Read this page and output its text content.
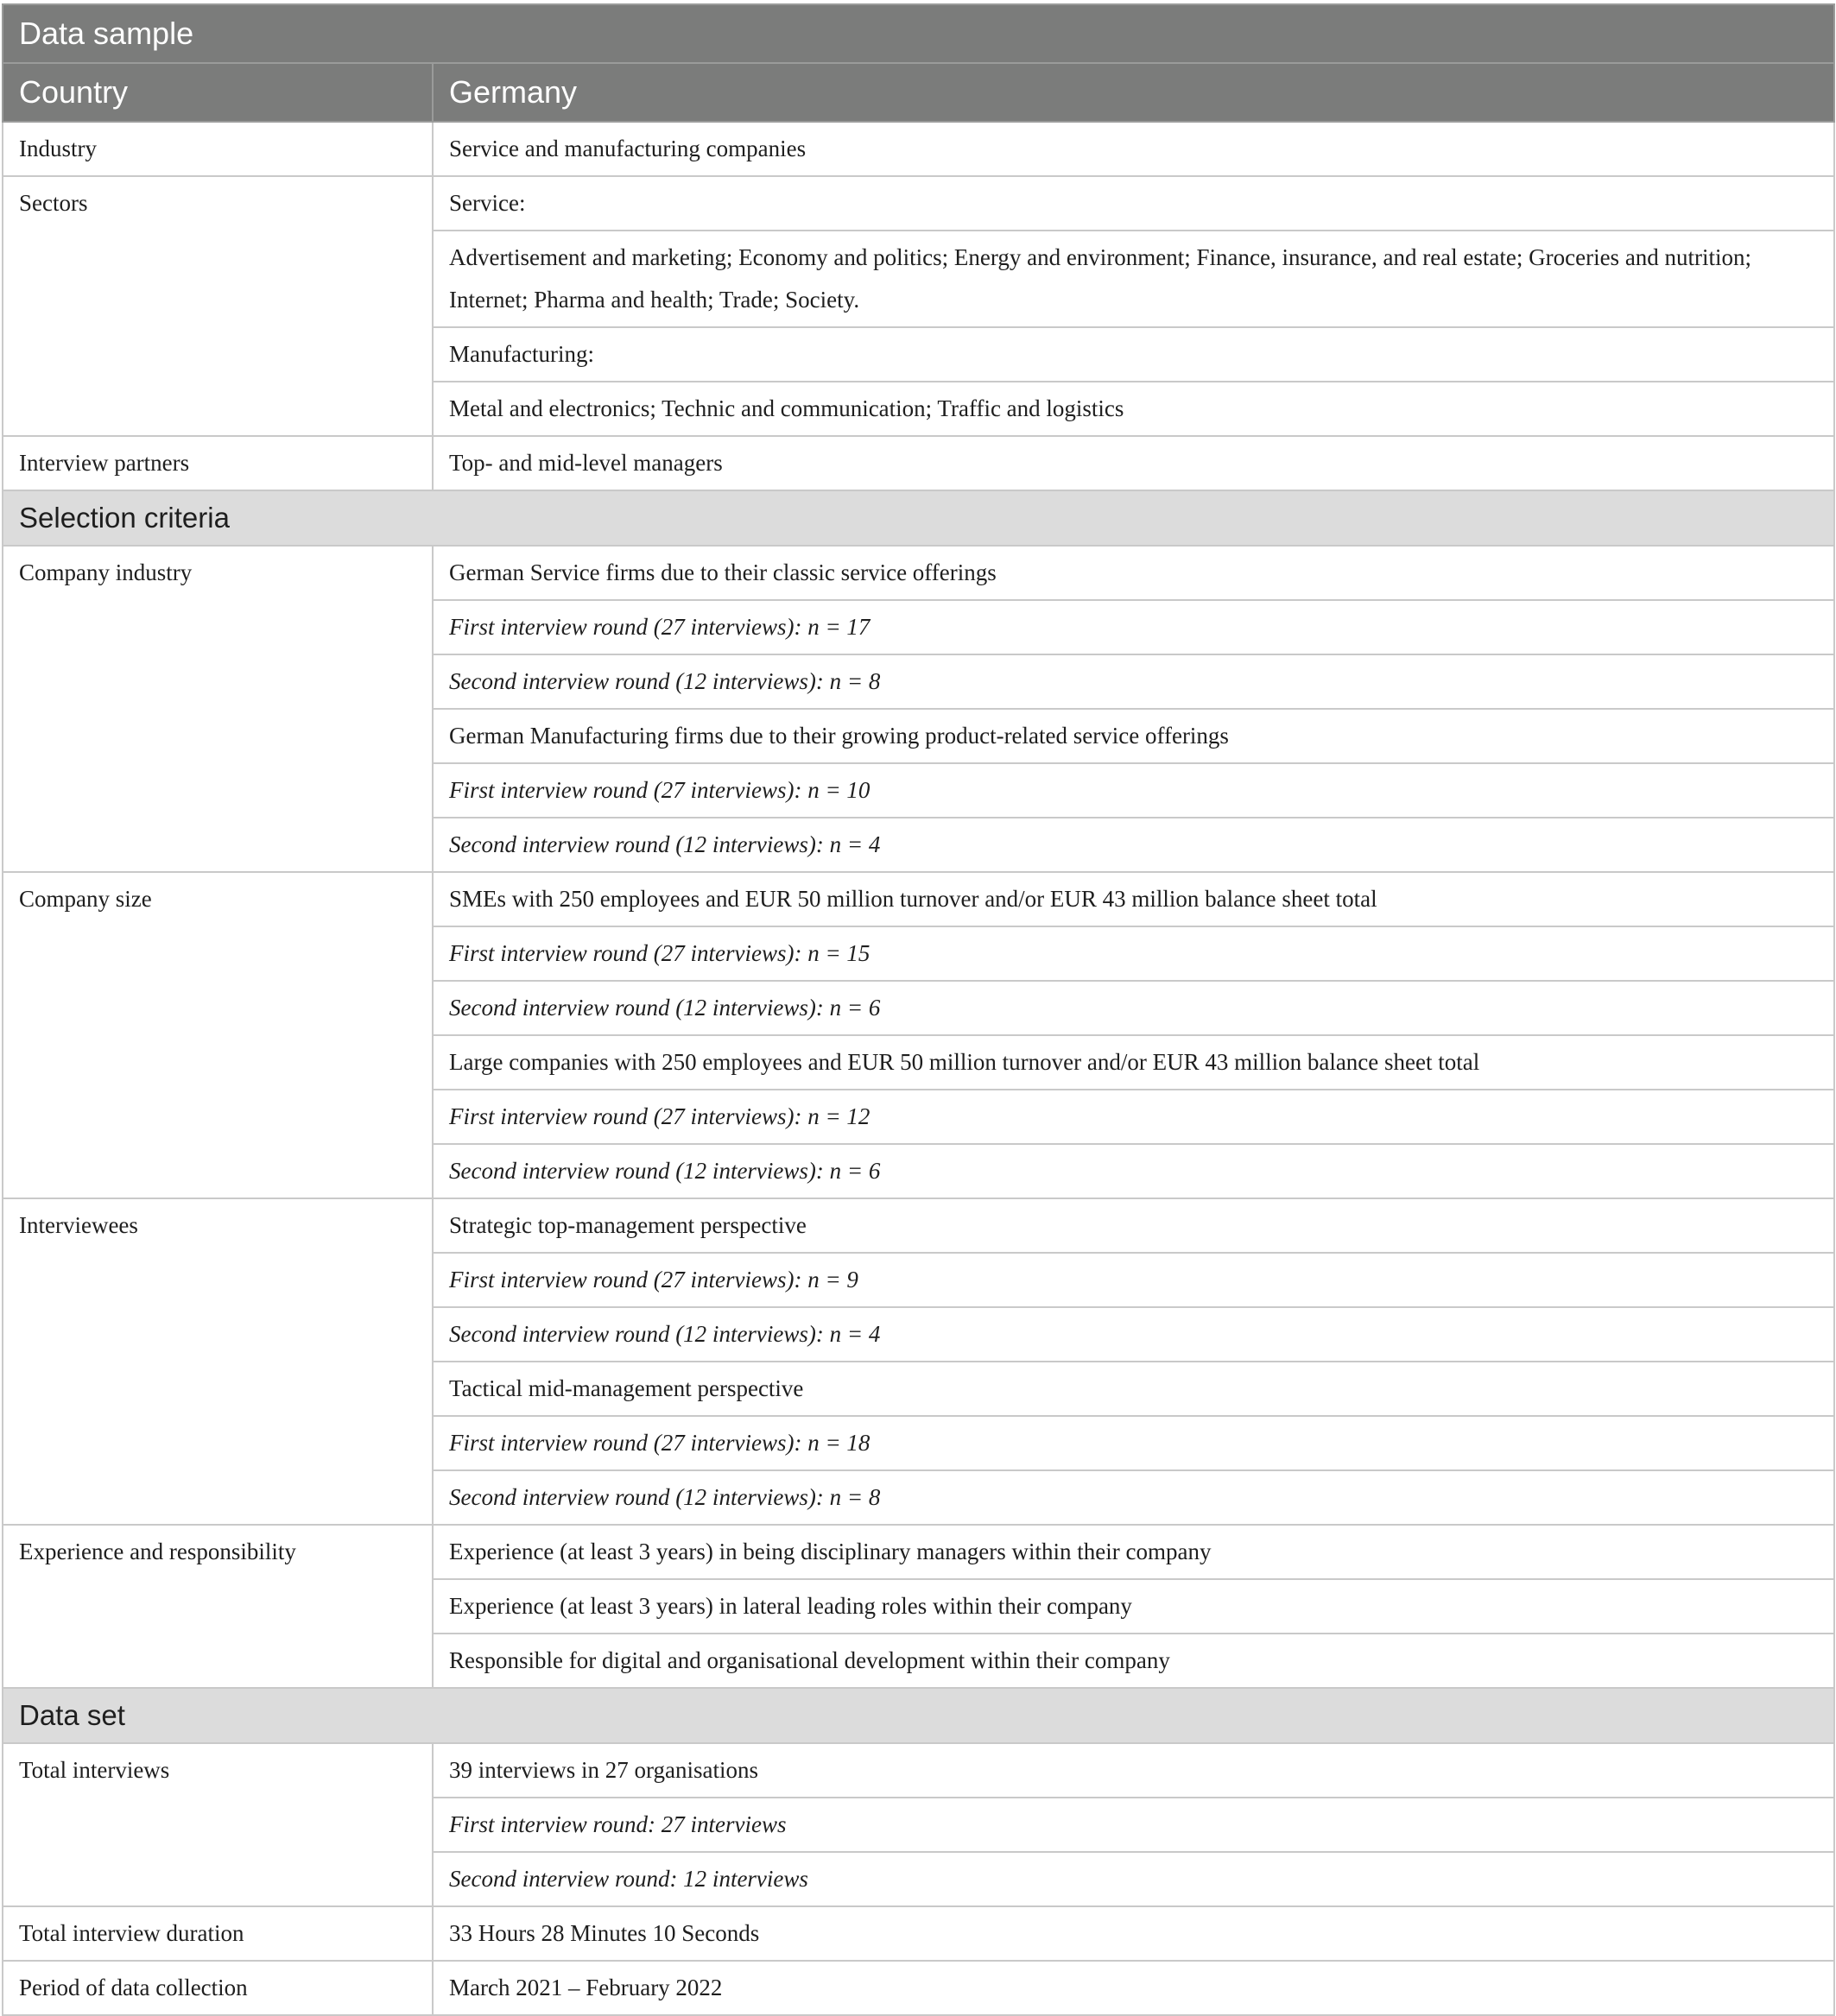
Data sample	
Country	Germany
Industry	Service and manufacturing companies
Sectors	Service:
	Advertisement and marketing; Economy and politics; Energy and environment; Finance, insurance, and real estate; Groceries and nutrition; Internet; Pharma and health; Trade; Society.
	Manufacturing:
	Metal and electronics; Technic and communication; Traffic and logistics
Interview partners	Top- and mid-level managers
Selection criteria	
Company industry	German Service firms due to their classic service offerings
	First interview round (27 interviews): n = 17
	Second interview round (12 interviews): n = 8
	German Manufacturing firms due to their growing product-related service offerings
	First interview round (27 interviews): n = 10
	Second interview round (12 interviews): n = 4
Company size	SMEs with 250 employees and EUR 50 million turnover and/or EUR 43 million balance sheet total
	First interview round (27 interviews): n = 15
	Second interview round (12 interviews): n = 6
	Large companies with 250 employees and EUR 50 million turnover and/or EUR 43 million balance sheet total
	First interview round (27 interviews): n = 12
	Second interview round (12 interviews): n = 6
Interviewees	Strategic top-management perspective
	First interview round (27 interviews): n = 9
	Second interview round (12 interviews): n = 4
	Tactical mid-management perspective
	First interview round (27 interviews): n = 18
	Second interview round (12 interviews): n = 8
Experience and responsibility	Experience (at least 3 years) in being disciplinary managers within their company
	Experience (at least 3 years) in lateral leading roles within their company
	Responsible for digital and organisational development within their company
Data set	
Total interviews	39 interviews in 27 organisations
	First interview round: 27 interviews
	Second interview round: 12 interviews
Total interview duration	33 Hours 28 Minutes 10 Seconds
Period of data collection	March 2021 – February 2022
